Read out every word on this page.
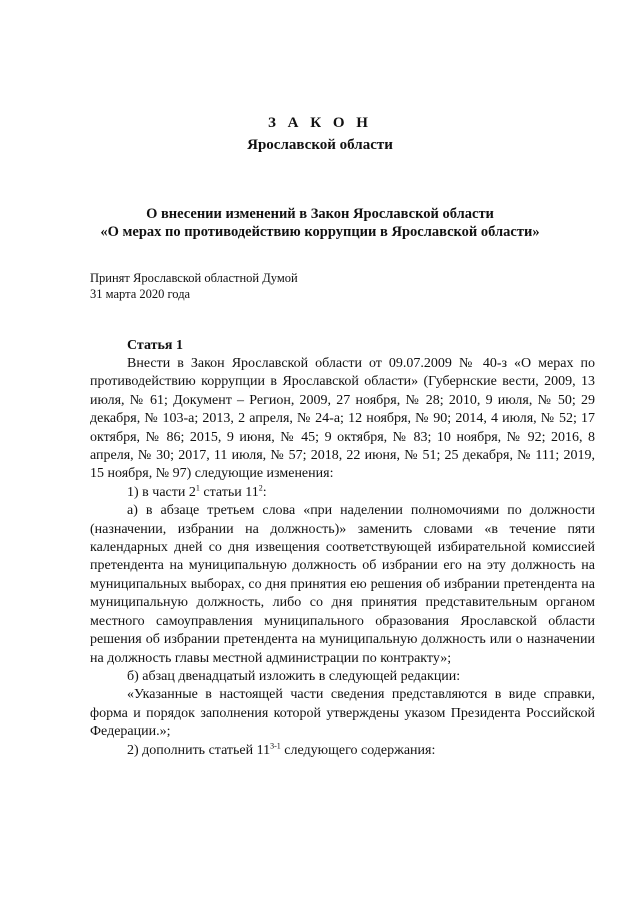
З А К О Н
Ярославской области
О внесении изменений в Закон Ярославской области
«О мерах по противодействию коррупции в Ярославской области»
Принят Ярославской областной Думой
31 марта 2020 года
Статья 1

Внести в Закон Ярославской области от 09.07.2009 № 40-з «О мерах по противодействию коррупции в Ярославской области» (Губернские вести, 2009, 13 июля, № 61; Документ – Регион, 2009, 27 ноября, № 28; 2010, 9 июля, № 50; 29 декабря, № 103-а; 2013, 2 апреля, № 24-а; 12 ноября, № 90; 2014, 4 июля, № 52; 17 октября, № 86; 2015, 9 июня, № 45; 9 октября, № 83; 10 ноября, № 92; 2016, 8 апреля, № 30; 2017, 11 июля, № 57; 2018, 22 июня, № 51; 25 декабря, № 111; 2019, 15 ноября, № 97) следующие изменения:

1) в части $2^1$ статьи $11^2$:

а) в абзаце третьем слова «при наделении полномочиями по должности (назначении, избрании на должность)» заменить словами «в течение пяти календарных дней со дня извещения соответствующей избирательной комиссией претендента на муниципальную должность об избрании его на эту должность на муниципальных выборах, со дня принятия ею решения об избрании претендента на муниципальную должность, либо со дня принятия представительным органом местного самоуправления муниципального образования Ярославской области решения об избрании претендента на муниципальную должность или о назначении на должность главы местной администрации по контракту»;

б) абзац двенадцатый изложить в следующей редакции:

«Указанные в настоящей части сведения представляются в виде справки, форма и порядок заполнения которой утверждены указом Президента Российской Федерации.»;

2) дополнить статьей 11$^{3-1}$ следующего содержания:
